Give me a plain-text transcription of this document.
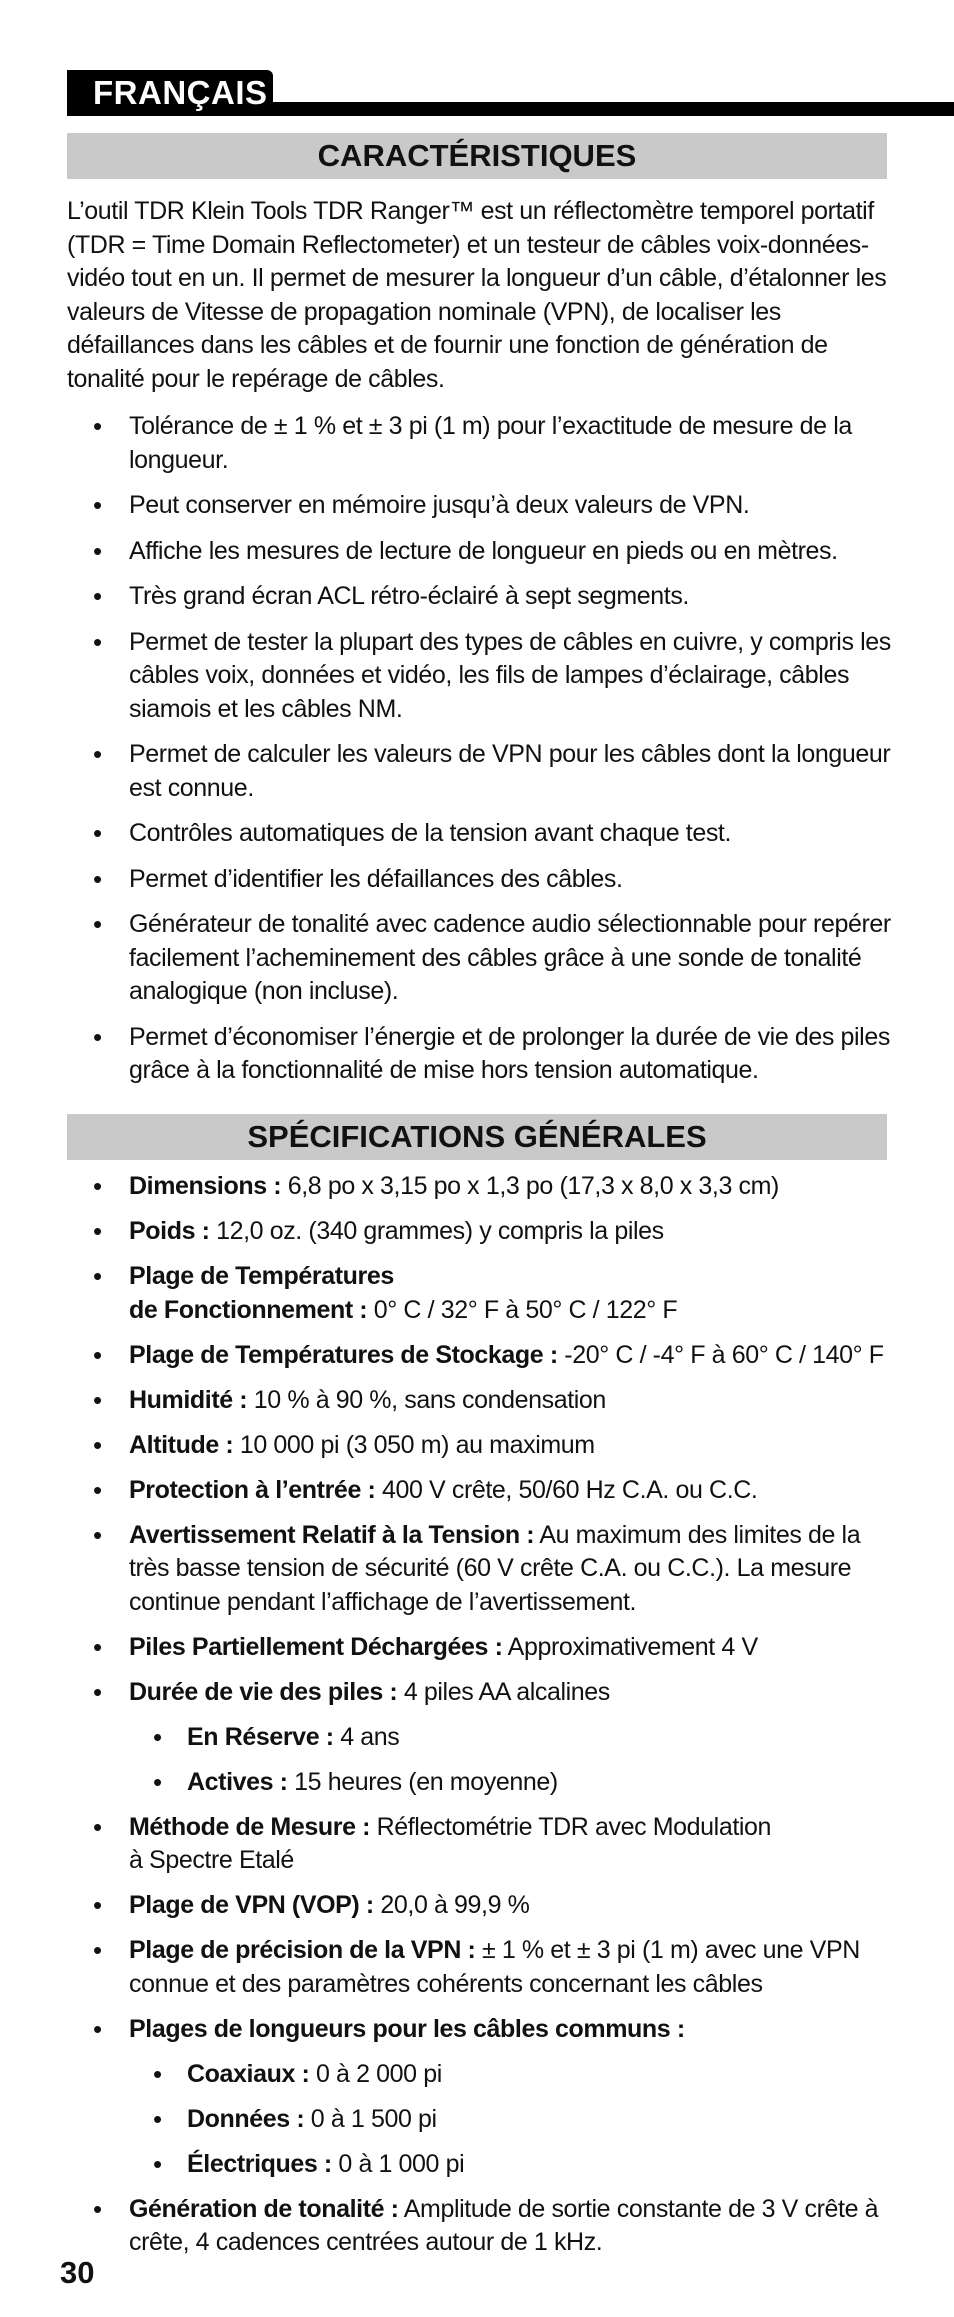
FRANÇAIS
CARACTÉRISTIQUES
L’outil TDR Klein Tools TDR Ranger™ est un réflectomètre temporel portatif (TDR = Time Domain Reflectometer) et un testeur de câbles voix-données-vidéo tout en un. Il permet de mesurer la longueur d’un câble, d’étalonner les valeurs de Vitesse de propagation nominale (VPN), de localiser les défaillances dans les câbles et de fournir une fonction de génération de tonalité pour le repérage de câbles.
• Tolérance de ± 1 % et ± 3 pi (1 m) pour l’exactitude de mesure de la longueur.
• Peut conserver en mémoire jusqu’à deux valeurs de VPN.
• Affiche les mesures de lecture de longueur en pieds ou en mètres.
• Très grand écran ACL rétro-éclairé à sept segments.
• Permet de tester la plupart des types de câbles en cuivre, y compris les câbles voix, données et vidéo, les fils de lampes d’éclairage, câbles siamois et les câbles NM.
• Permet de calculer les valeurs de VPN pour les câbles dont la longueur est connue.
• Contrôles automatiques de la tension avant chaque test.
• Permet d’identifier les défaillances des câbles.
• Générateur de tonalité avec cadence audio sélectionnable pour repérer facilement l’acheminement des câbles grâce à une sonde de tonalité analogique (non incluse).
• Permet d’économiser l’énergie et de prolonger la durée de vie des piles grâce à la fonctionnalité de mise hors tension automatique.
SPÉCIFICATIONS GÉNÉRALES
• Dimensions : 6,8 po x 3,15 po x 1,3 po (17,3 x 8,0 x 3,3 cm)
• Poids : 12,0 oz. (340 grammes) y compris la piles
• Plage de Températures
de Fonctionnement : 0° C / 32° F à 50° C / 122° F
• Plage de Températures de Stockage : -20° C / -4° F à 60° C / 140° F
• Humidité : 10 % à 90 %, sans condensation
• Altitude : 10 000 pi (3 050 m) au maximum
• Protection à l’entrée : 400 V crête, 50/60 Hz C.A. ou C.C.
• Avertissement Relatif à la Tension : Au maximum des limites de la très basse tension de sécurité (60 V crête C.A. ou C.C.). La mesure continue pendant l’affichage de l’avertissement.
• Piles Partiellement Déchargées : Approximativement 4 V
• Durée de vie des piles : 4 piles AA alcalines
• En Réserve : 4 ans
• Actives : 15 heures (en moyenne)
• Méthode de Mesure : Réflectométrie TDR avec Modulation
à Spectre Etalé
• Plage de VPN (VOP) : 20,0 à 99,9 %
• Plage de précision de la VPN : ± 1 % et ± 3 pi (1 m) avec une VPN connue et des paramètres cohérents concernant les câbles
• Plages de longueurs pour les câbles communs :
• Coaxiaux : 0 à 2 000 pi
• Données : 0 à 1 500 pi
• Électriques : 0 à 1 000 pi
• Génération de tonalité : Amplitude de sortie constante de 3 V crête à crête, 4 cadences centrées autour de 1 kHz.
30
